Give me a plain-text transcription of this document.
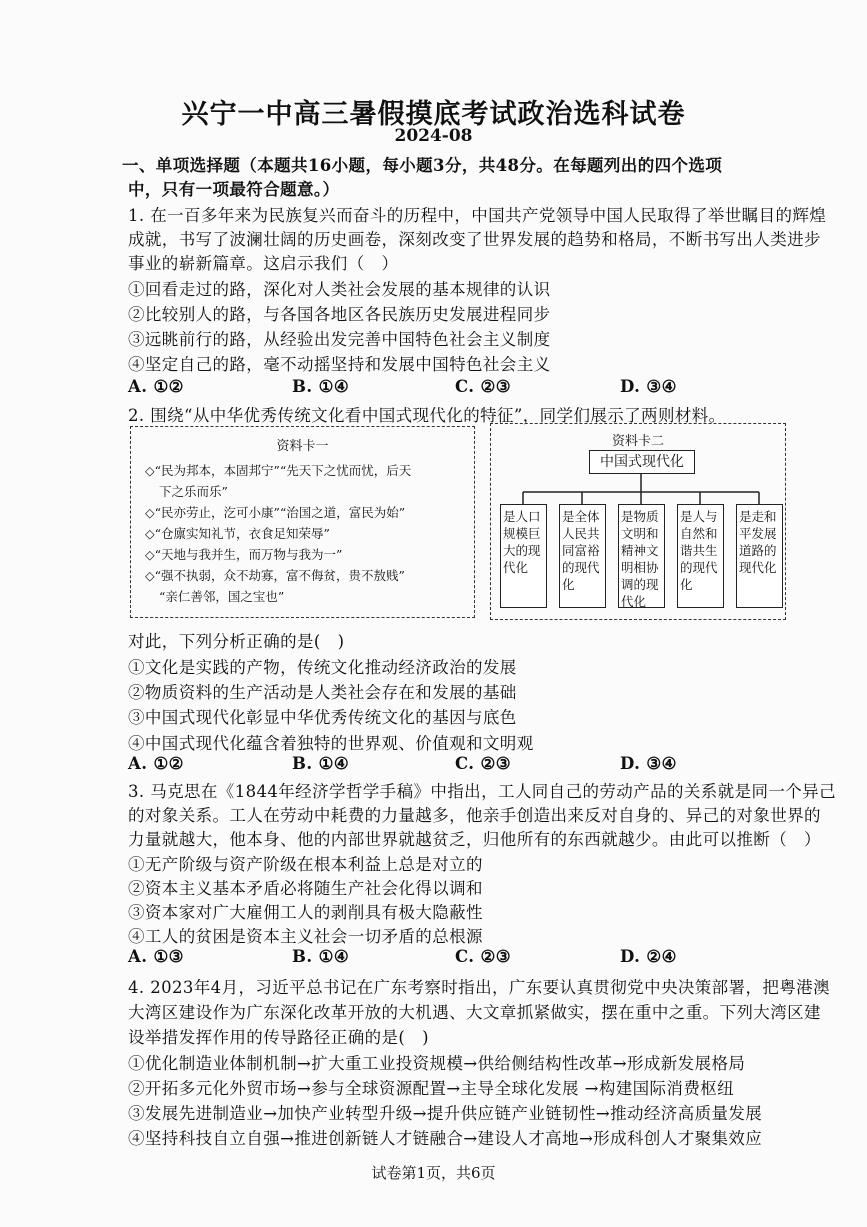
兴宁一中高三暑假摸底考试政治选科试卷
2024-08
一、单项选择题（本题共16小题，每小题3分，共48分。在每题列出的四个选项
中，只有一项最符合题意。）
1. 在一百多年来为民族复兴而奋斗的历程中，中国共产党领导中国人民取得了举世瞩目的辉煌
成就，书写了波澜壮阔的历史画卷，深刻改变了世界发展的趋势和格局，不断书写出人类进步
事业的崭新篇章。这启示我们（　）
①回看走过的路，深化对人类社会发展的基本规律的认识
②比较别人的路，与各国各地区各民族历史发展进程同步
③远眺前行的路，从经验出发完善中国特色社会主义制度
④坚定自己的路，毫不动摇坚持和发展中国特色社会主义
A. ①②	B. ①④	C. ②③	D. ③④
2. 围绕“从中华优秀传统文化看中国式现代化的特征”，同学们展示了两则材料。
资料卡一
◇“民为邦本，本固邦宁”“先天下之忧而忧，后天
下之乐而乐”
◇“民亦劳止，汔可小康”“治国之道，富民为始”
◇“仓廪实知礼节，衣食足知荣辱”
◇“天地与我并生，而万物与我为一”
◇“强不执弱，众不劫寡，富不侮贫，贵不敖贱”
“亲仁善邻，国之宝也”
资料卡二
中国式现代化
是人口规模巨大的现代化
是全体人民共同富裕的现代化
是物质文明和精神文明相协调的现代化
是人与自然和谐共生的现代化
是走和平发展道路的现代化
对此，下列分析正确的是(　)
①文化是实践的产物，传统文化推动经济政治的发展
②物质资料的生产活动是人类社会存在和发展的基础
③中国式现代化彰显中华优秀传统文化的基因与底色
④中国式现代化蕴含着独特的世界观、价值观和文明观
A. ①②	B. ①④	C. ②③	D. ③④
3. 马克思在《1844年经济学哲学手稿》中指出，工人同自己的劳动产品的关系就是同一个异己
的对象关系。工人在劳动中耗费的力量越多，他亲手创造出来反对自身的、异己的对象世界的
力量就越大，他本身、他的内部世界就越贫乏，归他所有的东西就越少。由此可以推断（　）
①无产阶级与资产阶级在根本利益上总是对立的
②资本主义基本矛盾必将随生产社会化得以调和
③资本家对广大雇佣工人的剥削具有极大隐蔽性
④工人的贫困是资本主义社会一切矛盾的总根源
A. ①③	B. ①④	C. ②③	D. ②④
4. 2023年4月，习近平总书记在广东考察时指出，广东要认真贯彻党中央决策部署，把粤港澳
大湾区建设作为广东深化改革开放的大机遇、大文章抓紧做实，摆在重中之重。下列大湾区建
设举措发挥作用的传导路径正确的是(　)
①优化制造业体制机制→扩大重工业投资规模→供给侧结构性改革→形成新发展格局
②开拓多元化外贸市场→参与全球资源配置→主导全球化发展 →构建国际消费枢纽
③发展先进制造业→加快产业转型升级→提升供应链产业链韧性→推动经济高质量发展
④坚持科技自立自强→推进创新链人才链融合→建设人才高地→形成科创人才聚集效应
试卷第1页，共6页
